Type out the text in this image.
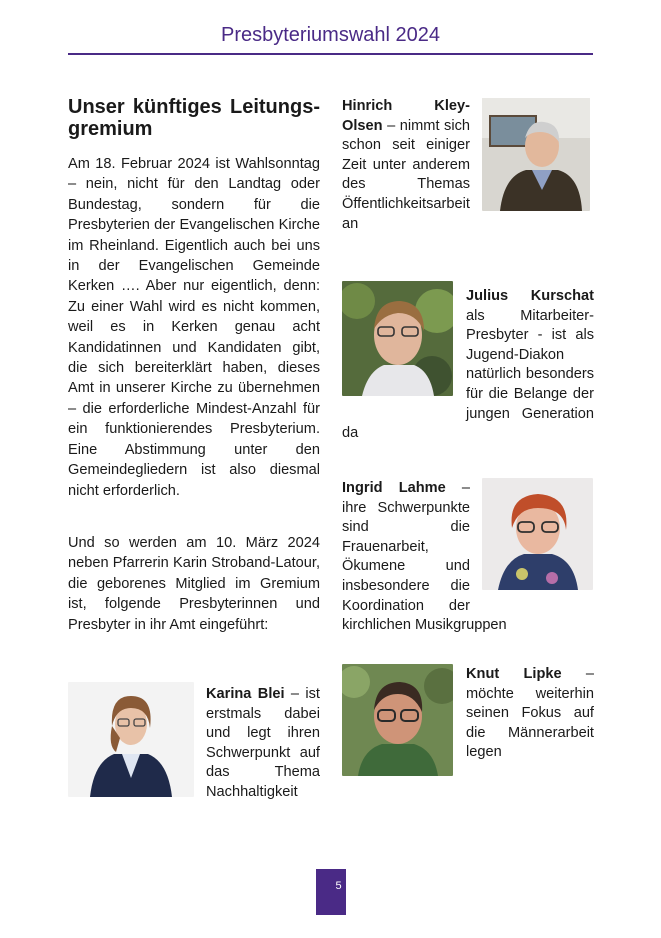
Presbyteriumswahl 2024
Unser künftiges Leitungs-gremium
Am 18. Februar 2024 ist Wahlsonntag – nein, nicht für den Landtag oder Bundestag, sondern für die Presbyterien der Evangelischen Kirche im Rheinland. Eigentlich auch bei uns in der Evangelischen Gemeinde Kerken …. Aber nur eigentlich, denn: Zu einer Wahl wird es nicht kommen, weil es in Kerken genau acht Kandidatinnen und Kandidaten gibt, die sich bereiterklärt haben, dieses Amt in unserer Kirche zu übernehmen – die erforderliche Mindest-Anzahl für ein funktionierendes Presbyterium. Eine Abstimmung unter den Gemeindegliedern ist also diesmal nicht erforderlich.
Und so werden am 10. März 2024 neben Pfarrerin Karin Stroband-Latour, die geborenes Mitglied im Gremium ist, folgende Presbyterinnen und Presbyter in ihr Amt eingeführt:
Hinrich Kley-Olsen – nimmt sich schon seit einiger Zeit unter anderem des Themas Öffentlichkeitsarbeit an
Julius Kurschat als Mitarbeiter-Presbyter - ist als Jugend-Diakon natürlich besonders für die Belange der jungen Generation da
Ingrid Lahme – ihre Schwerpunkte sind die Frauenarbeit, Ökumene und insbesondere die Koordination der kirchlichen Musikgruppen
Karina Blei – ist erstmals dabei und legt ihren Schwerpunkt auf das Thema Nachhaltigkeit
Knut Lipke – möchte weiterhin seinen Fokus auf die Männerarbeit legen
5
